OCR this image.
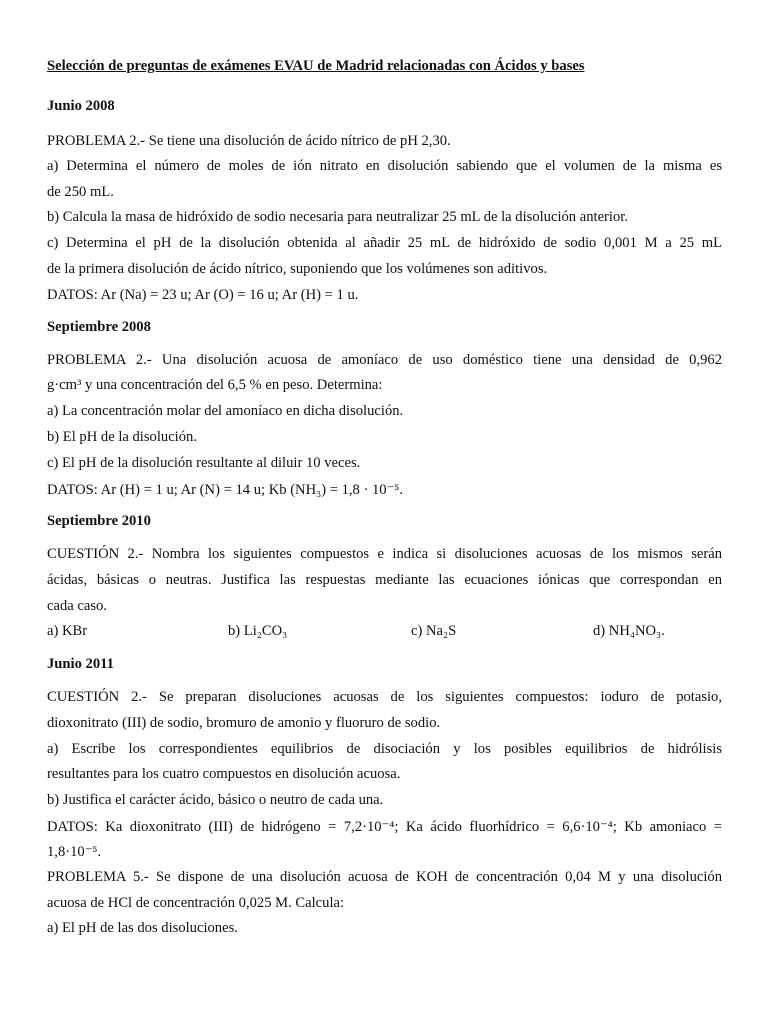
Selección de preguntas de exámenes EVAU de Madrid relacionadas con Ácidos y bases
Junio 2008
PROBLEMA 2.- Se tiene una disolución de ácido nítrico de pH 2,30.
a) Determina el número de moles de ión nitrato en disolución sabiendo que el volumen de la misma es
de 250 mL.
b) Calcula la masa de hidróxido de sodio necesaria para neutralizar 25 mL de la disolución anterior.
c) Determina el pH de la disolución obtenida al añadir 25 mL de hidróxido de sodio 0,001 M a 25 mL
de la primera disolución de ácido nítrico, suponiendo que los volúmenes son aditivos.
DATOS: Ar (Na) = 23 u; Ar (O) = 16 u; Ar (H) = 1 u.
Septiembre 2008
PROBLEMA 2.- Una disolución acuosa de amoníaco de uso doméstico tiene una densidad de 0,962
g·cm³ y una concentración del 6,5 % en peso. Determina:
a) La concentración molar del amoníaco en dicha disolución.
b) El pH de la disolución.
c) El pH de la disolución resultante al diluir 10 veces.
DATOS: Ar (H) = 1 u; Ar (N) = 14 u; Kb (NH₃) = 1,8 · 10⁻⁵.
Septiembre 2010
CUESTIÓN 2.- Nombra los siguientes compuestos e indica si disoluciones acuosas de los mismos serán
ácidas, básicas o neutras. Justifica las respuestas mediante las ecuaciones iónicas que correspondan en
cada caso.
a) KBr	b) Li₂CO₃	c) Na₂S	d) NH₄NO₃.
Junio 2011
CUESTIÓN 2.- Se preparan disoluciones acuosas de los siguientes compuestos: ioduro de potasio,
dioxonitrato (III) de sodio, bromuro de amonio y fluoruro de sodio.
a) Escribe los correspondientes equilibrios de disociación y los posibles equilibrios de hidrólisis
resultantes para los cuatro compuestos en disolución acuosa.
b) Justifica el carácter ácido, básico o neutro de cada una.
DATOS: Ka dioxonitrato (III) de hidrógeno = 7,2·10⁻⁴; Ka ácido fluorhídrico = 6,6·10⁻⁴; Kb amoniaco =
1,8·10⁻⁵.
PROBLEMA 5.- Se dispone de una disolución acuosa de KOH de concentración 0,04 M y una disolución
acuosa de HCl de concentración 0,025 M. Calcula:
a) El pH de las dos disoluciones.
